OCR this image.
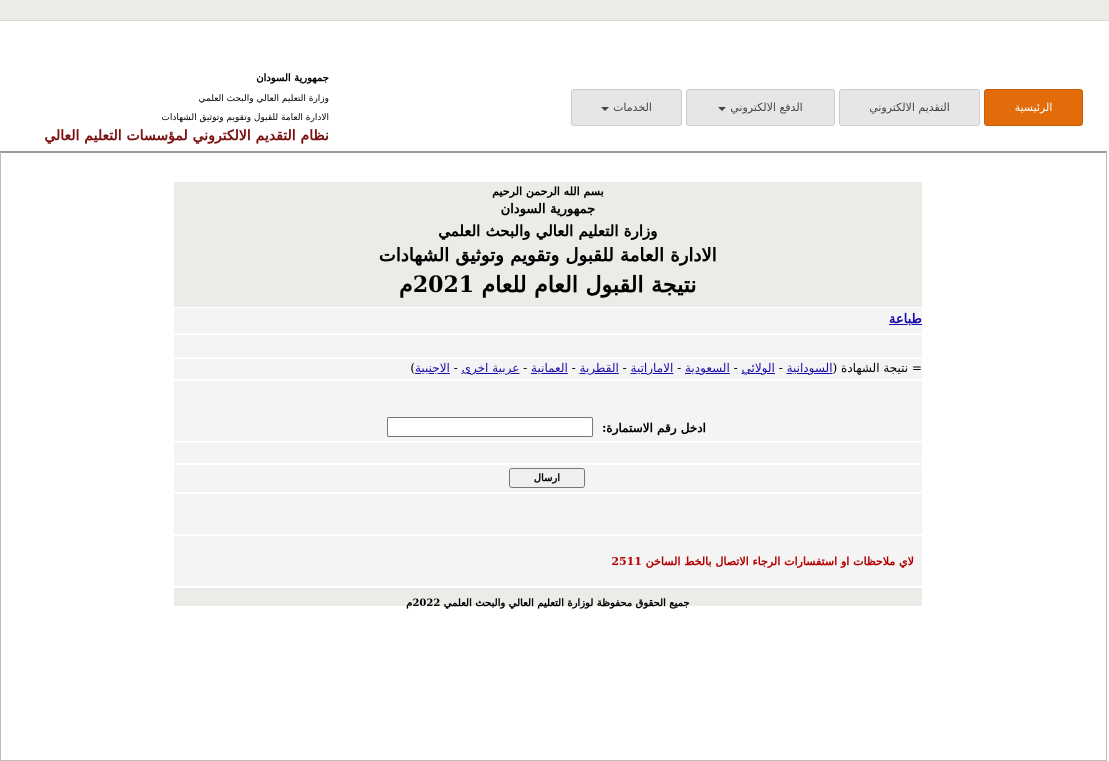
جمهورية السودان
وزارة التعليم العالي والبحث العلمي
الادارة العامة للقبول وتقويم وتوثيق الشهادات
نظام التقديم الالكتروني لمؤسسات التعليم العالي
الرئيسية
التقديم الالكتروني
الدفع الالكتروني
الخدمات
بسم الله الرحمن الرحيم
جمهورية السودان
وزارة التعليم العالي والبحث العلمي
الادارة العامة للقبول وتقويم وتوثيق الشهادات
نتيجة القبول العام للعام 2021م
طباعة
= نتيجة الشهادة (السودانية - الولائي - السعودية - الاماراتية - القطرية - العمانية - عربية اخرى - الاجنبية)
ادخل رقم الاستمارة:
ارسال
لاي ملاحظات او استفسارات الرجاء الاتصال بالخط الساخن 2511
جميع الحقوق محفوظة لوزارة التعليم العالي والبحث العلمي 2022م
